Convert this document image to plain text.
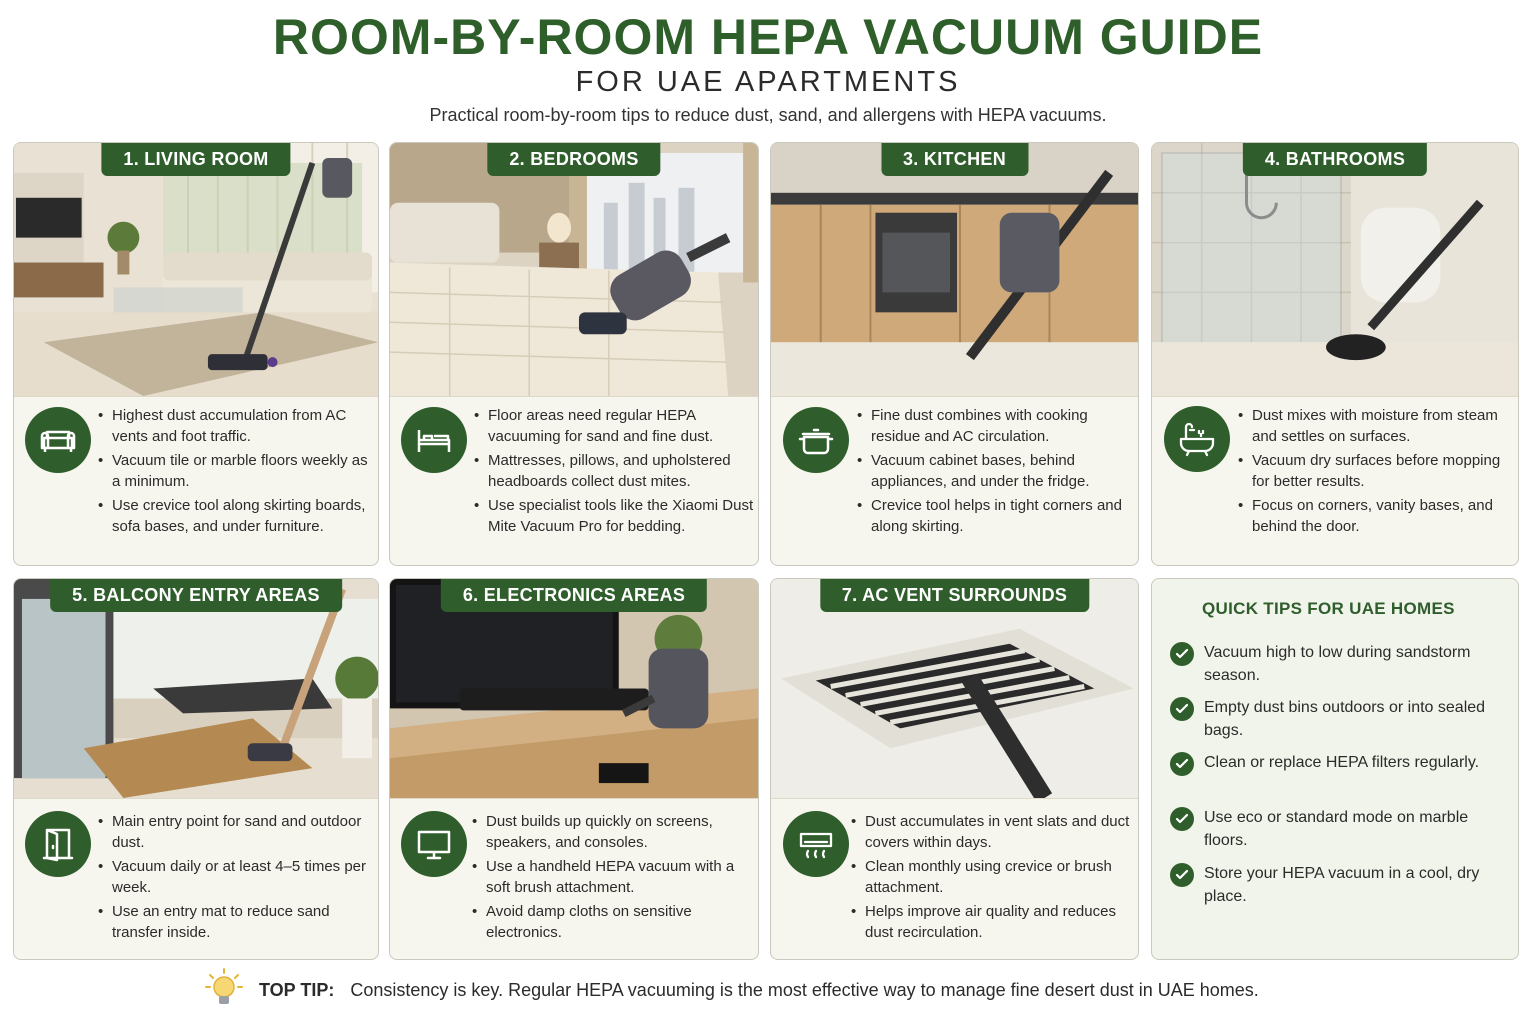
ROOM-BY-ROOM HEPA VACUUM GUIDE
FOR UAE APARTMENTS
Practical room-by-room tips to reduce dust, sand, and allergens with HEPA vacuums.
1. LIVING ROOM
• Highest dust accumulation from AC vents and foot traffic.
• Vacuum tile or marble floors weekly as a minimum.
• Use crevice tool along skirting boards, sofa bases, and under furniture.
2. BEDROOMS
• Floor areas need regular HEPA vacuuming for sand and fine dust.
• Mattresses, pillows, and upholstered headboards collect dust mites.
• Use specialist tools like the Xiaomi Dust Mite Vacuum Pro for bedding.
3. KITCHEN
• Fine dust combines with cooking residue and AC circulation.
• Vacuum cabinet bases, behind appliances, and under the fridge.
• Crevice tool helps in tight corners and along skirting.
4. BATHROOMS
• Dust mixes with moisture from steam and settles on surfaces.
• Vacuum dry surfaces before mopping for better results.
• Focus on corners, vanity bases, and behind the door.
5. BALCONY ENTRY AREAS
• Main entry point for sand and outdoor dust.
• Vacuum daily or at least 4–5 times per week.
• Use an entry mat to reduce sand transfer inside.
6. ELECTRONICS AREAS
• Dust builds up quickly on screens, speakers, and consoles.
• Use a handheld HEPA vacuum with a soft brush attachment.
• Avoid damp cloths on sensitive electronics.
7. AC VENT SURROUNDS
• Dust accumulates in vent slats and duct covers within days.
• Clean monthly using crevice or brush attachment.
• Helps improve air quality and reduces dust recirculation.
QUICK TIPS FOR UAE HOMES
Vacuum high to low during sandstorm season.
Empty dust bins outdoors or into sealed bags.
Clean or replace HEPA filters regularly.
Use eco or standard mode on marble floors.
Store your HEPA vacuum in a cool, dry place.
TOP TIP: Consistency is key. Regular HEPA vacuuming is the most effective way to manage fine desert dust in UAE homes.
